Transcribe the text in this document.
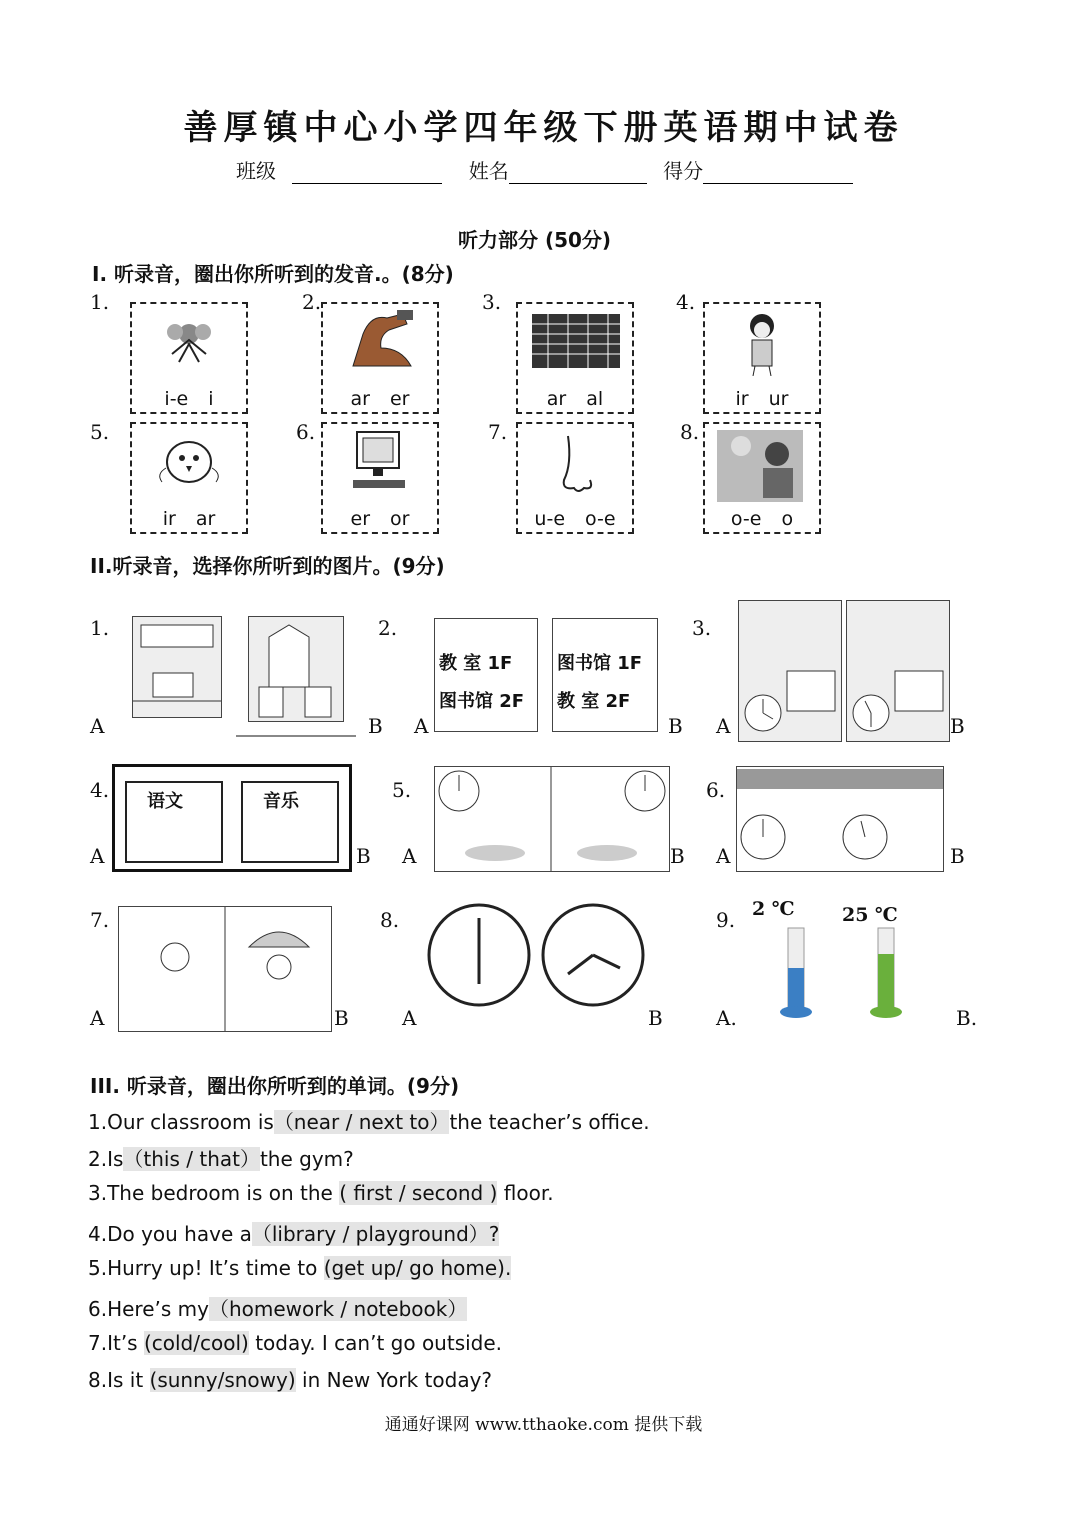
善厚镇中心小学四年级下册英语期中试卷
班级	姓名	得分
听力部分 (50分)
Ⅰ. 听录音，圈出你所听到的发音.。(8分)
1.
i-e i
2.
ar er
3.
ar al
4.
ir ur
5.
ir ar
6.
er or
7.
u-e o-e
8.
o-e o
II.听录音，选择你所听到的图片。(9分)
1.
A	B
2.
教 室 1F
图书馆 2F
图书馆 1F
教 室 2F
A	B
3.
A	B
4. 语文	音乐
A	B
5.
A	B
6.
A	B
7.
A	B
8.
A	B
9. 2 ℃ 25 ℃
A.	B.
III. 听录音，圈出你所听到的单词。(9分)
1.Our classroom is（near / next to）the teacher’s office.
2.Is（this / that）the gym?
3.The bedroom is on the ( first / second ) floor.
4.Do you have a（library / playground）?
5.Hurry up! It’s time to (get up/ go home).
6.Here’s my（homework / notebook）
7.It’s (cold/cool) today. I can’t go outside.
8.Is it (sunny/snowy) in New York today?
通通好课网 www.tthaoke.com 提供下载
